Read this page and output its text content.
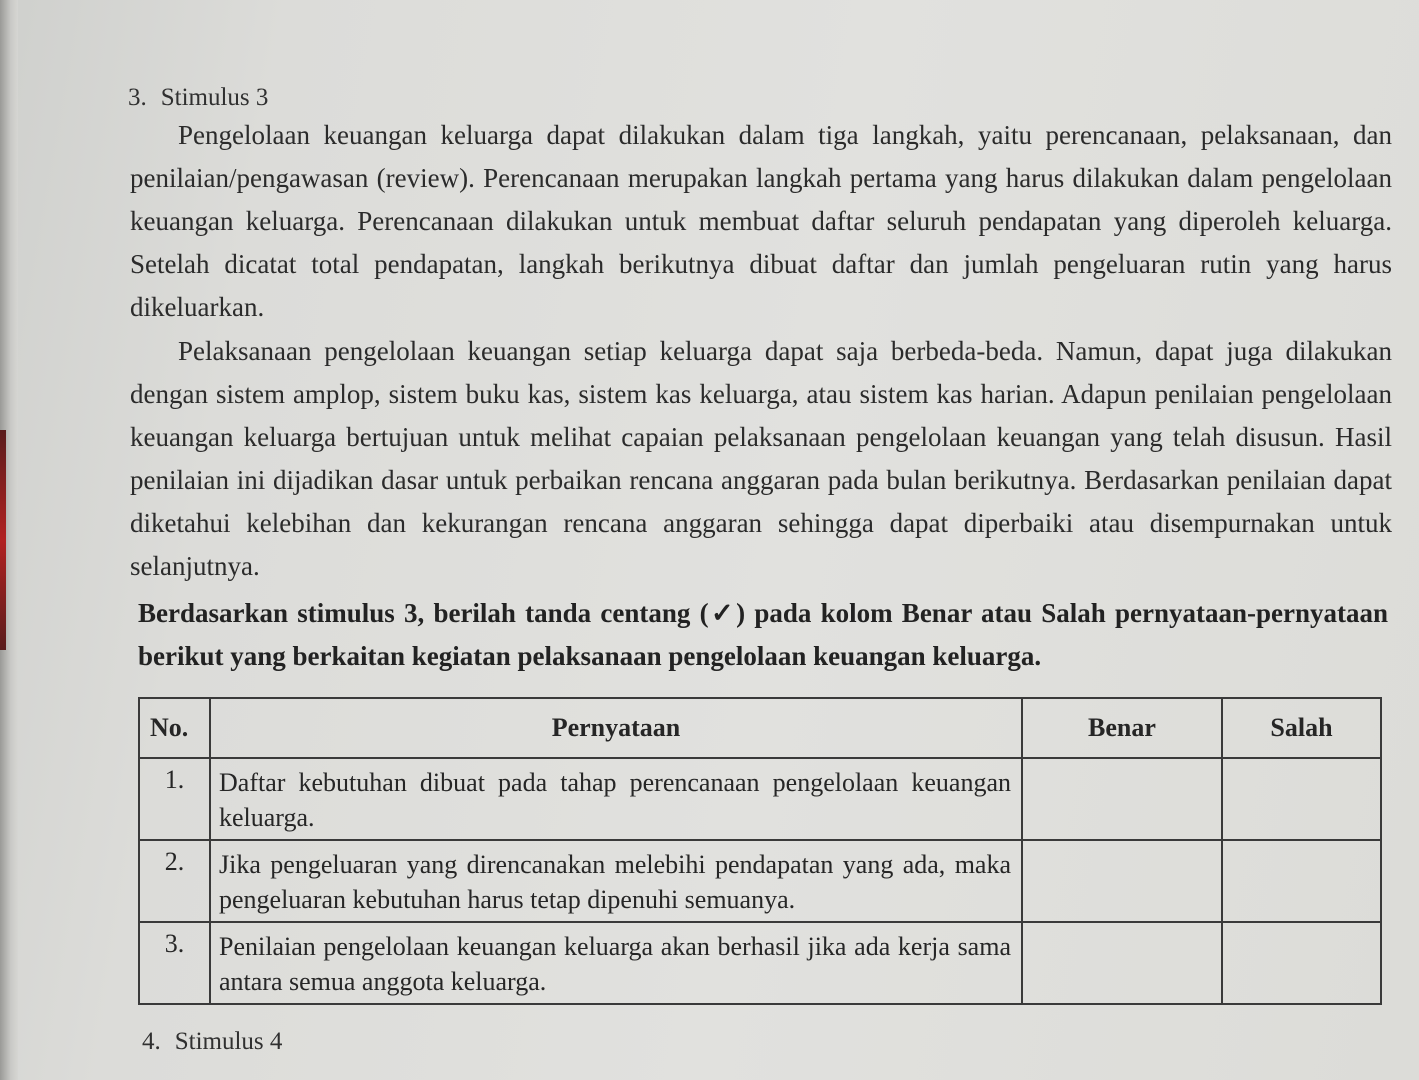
3. Stimulus 3
Pengelolaan keuangan keluarga dapat dilakukan dalam tiga langkah, yaitu perencanaan, pelaksanaan, dan penilaian/pengawasan (review). Perencanaan merupakan langkah pertama yang harus dilakukan dalam pengelolaan keuangan keluarga. Perencanaan dilakukan untuk membuat daftar seluruh pendapatan yang diperoleh keluarga. Setelah dicatat total pendapatan, langkah berikutnya dibuat daftar dan jumlah pengeluaran rutin yang harus dikeluarkan.
Pelaksanaan pengelolaan keuangan setiap keluarga dapat saja berbeda-beda. Namun, dapat juga dilakukan dengan sistem amplop, sistem buku kas, sistem kas keluarga, atau sistem kas harian. Adapun penilaian pengelolaan keuangan keluarga bertujuan untuk melihat capaian pelaksanaan pengelolaan keuangan yang telah disusun. Hasil penilaian ini dijadikan dasar untuk perbaikan rencana anggaran pada bulan berikutnya. Berdasarkan penilaian dapat diketahui kelebihan dan kekurangan rencana anggaran sehingga dapat diperbaiki atau disempurnakan untuk selanjutnya.
Berdasarkan stimulus 3, berilah tanda centang (✓) pada kolom Benar atau Salah pernyataan-pernyataan berikut yang berkaitan kegiatan pelaksanaan pengelolaan keuangan keluarga.
No.	Pernyataan	Benar	Salah
1.	Daftar kebutuhan dibuat pada tahap perencanaan pengelolaan keuangan keluarga.		
2.	Jika pengeluaran yang direncanakan melebihi pendapatan yang ada, maka pengeluaran kebutuhan harus tetap dipenuhi semuanya.		
3.	Penilaian pengelolaan keuangan keluarga akan berhasil jika ada kerja sama antara semua anggota keluarga.		
4. Stimulus 4
